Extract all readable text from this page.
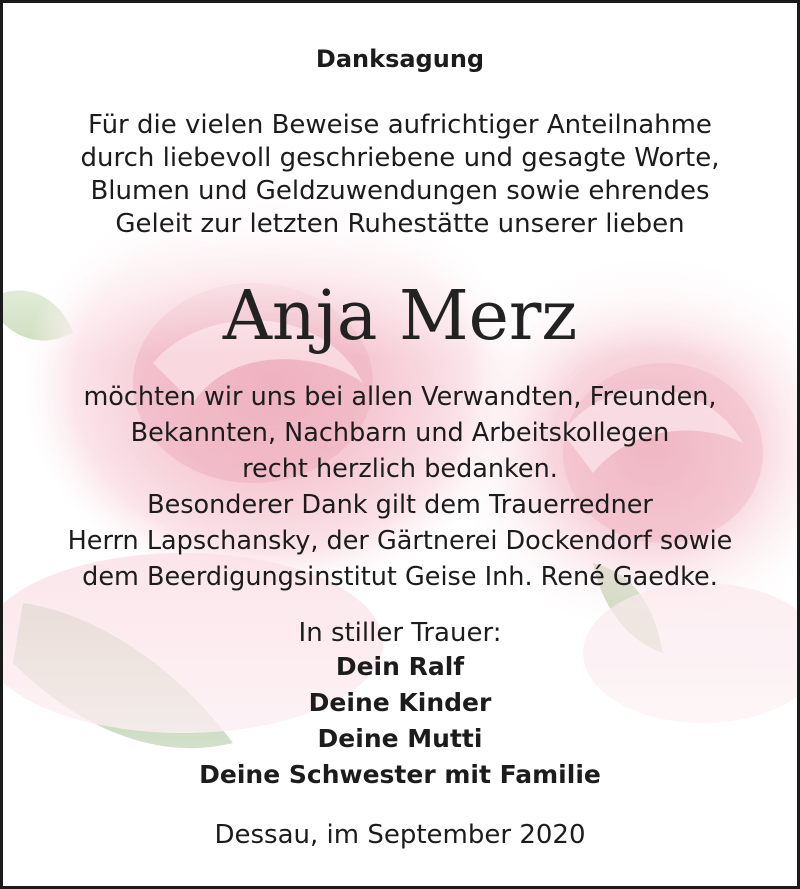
Danksagung
Für die vielen Beweise aufrichtiger Anteilnahme
durch liebevoll geschriebene und gesagte Worte,
Blumen und Geldzuwendungen sowie ehrendes
Geleit zur letzten Ruhestätte unserer lieben
Anja Merz
möchten wir uns bei allen Verwandten, Freunden,
Bekannten, Nachbarn und Arbeitskollegen
recht herzlich bedanken.
Besonderer Dank gilt dem Trauerredner
Herrn Lapschansky, der Gärtnerei Dockendorf sowie
dem Beerdigungsinstitut Geise Inh. René Gaedke.
In stiller Trauer:
Dein Ralf
Deine Kinder
Deine Mutti
Deine Schwester mit Familie
Dessau, im September 2020
